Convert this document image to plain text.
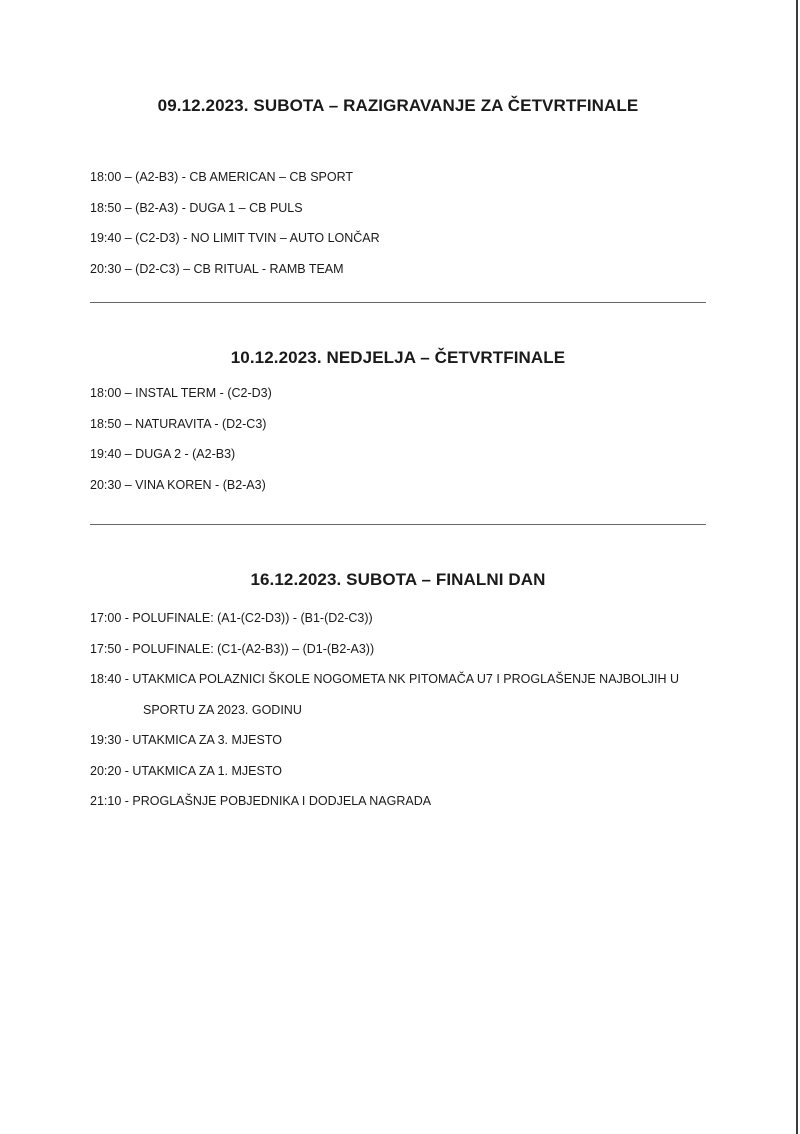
09.12.2023. SUBOTA – RAZIGRAVANJE ZA ČETVRTFINALE
18:00 – (A2-B3) - CB AMERICAN – CB SPORT
18:50 – (B2-A3) - DUGA 1 – CB PULS
19:40 – (C2-D3) - NO LIMIT TVIN – AUTO LONČAR
20:30 – (D2-C3) – CB RITUAL - RAMB TEAM
10.12.2023. NEDJELJA – ČETVRTFINALE
18:00 – INSTAL TERM - (C2-D3)
18:50 – NATURAVITA - (D2-C3)
19:40 – DUGA 2 - (A2-B3)
20:30 – VINA KOREN - (B2-A3)
16.12.2023. SUBOTA – FINALNI DAN
17:00 - POLUFINALE: (A1-(C2-D3)) - (B1-(D2-C3))
17:50 - POLUFINALE: (C1-(A2-B3)) – (D1-(B2-A3))
18:40 - UTAKMICA POLAZNICI ŠKOLE NOGOMETA NK PITOMAČA U7 I PROGLAŠENJE NAJBOLJIH U
SPORTU ZA 2023. GODINU
19:30 - UTAKMICA ZA 3. MJESTO
20:20 - UTAKMICA ZA 1. MJESTO
21:10 - PROGLAŠNJE POBJEDNIKA I DODJELA NAGRADA
